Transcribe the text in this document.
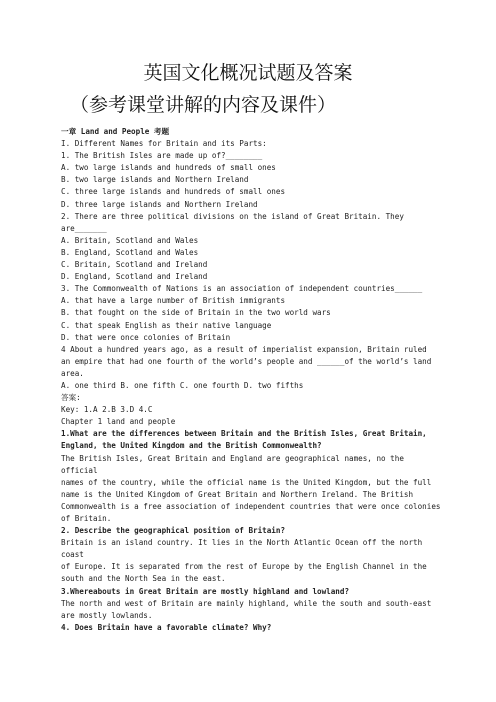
英国文化概况试题及答案
（参考课堂讲解的内容及课件）

一章 Land and People 考题

I. Different Names for Britain and its Parts:

1. The British Isles are made up of?________

A. two large islands and hundreds of small ones

B. two large islands and Northern Ireland

C. three large islands and hundreds of small ones

D. three large islands and Northern Ireland

2. There are three political divisions on the island of Great Britain. They

are_______

A. Britain, Scotland and Wales

B. England, Scotland and Wales

C. Britain, Scotland and Ireland

D. England, Scotland and Ireland

3. The Commonwealth of Nations is an association of independent countries______

A. that have a large number of British immigrants

B. that fought on the side of Britain in the two world wars

C. that speak English as their native language

D. that were once colonies of Britain

4 About a hundred years ago, as a result of imperialist expansion, Britain ruled

an empire that had one fourth of the world’s people and ______of the world’s land

area.

A. one third B. one fifth C. one fourth D. two fifths

答案:

Key: 1.A 2.B 3.D 4.C

Chapter 1 land and people

1.What are the differences between Britain and the British Isles, Great Britain,

England, the United Kingdom and the British Commonwealth?

The British Isles, Great Britain and England are geographical names, no the official

names of the country, while the official name is the United Kingdom, but the full

name is the United Kingdom of Great Britain and Northern Ireland. The British

Commonwealth is a free association of independent countries that were once colonies

of Britain.

2. Describe the geographical position of Britain?

Britain is an island country. It lies in the North Atlantic Ocean off the north coast

of Europe. It is separated from the rest of Europe by the English Channel in the

south and the North Sea in the east.

3.Whereabouts in Great Britain are mostly highland and lowland?

The north and west of Britain are mainly highland, while the south and south-east

are mostly lowlands.

4. Does Britain have a favorable climate? Why?
